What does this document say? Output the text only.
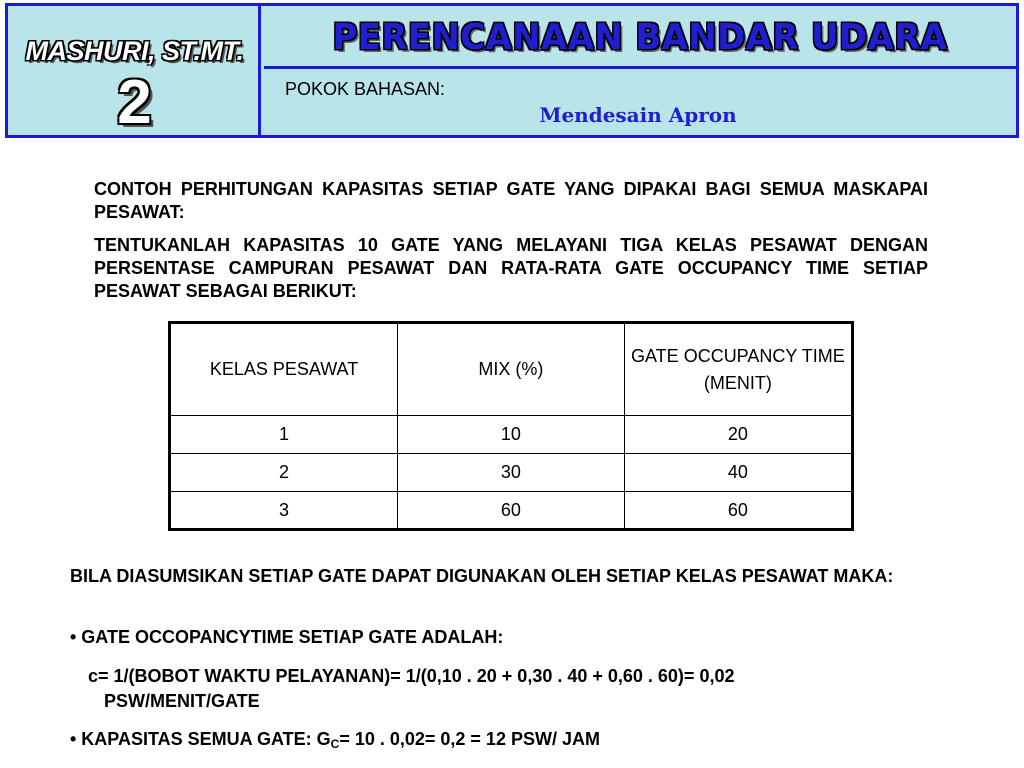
MASHURI, ST.MT.
2
PERENCANAAN BANDAR UDARA
POKOK BAHASAN:
Mendesain Apron
CONTOH PERHITUNGAN KAPASITAS SETIAP GATE YANG DIPAKAI BAGI SEMUA MASKAPAI PESAWAT:
TENTUKANLAH KAPASITAS 10 GATE YANG MELAYANI TIGA KELAS PESAWAT DENGAN PERSENTASE CAMPURAN PESAWAT DAN RATA-RATA GATE OCCUPANCY TIME SETIAP PESAWAT SEBAGAI BERIKUT:
KELAS PESAWAT	MIX (%)	GATE OCCUPANCY TIME (MENIT)
1	10	20
2	30	40
3	60	60
BILA DIASUMSIKAN SETIAP GATE DAPAT DIGUNAKAN OLEH SETIAP KELAS PESAWAT MAKA:
• GATE OCCOPANCYTIME SETIAP GATE ADALAH:
c= 1/(BOBOT WAKTU PELAYANAN)= 1/(0,10 . 20 + 0,30 . 40 + 0,60 . 60)= 0,02
PSW/MENIT/GATE
• KAPASITAS SEMUA GATE: $G_C= 10$ . 0,02= 0,2 = 12 PSW/ JAM
